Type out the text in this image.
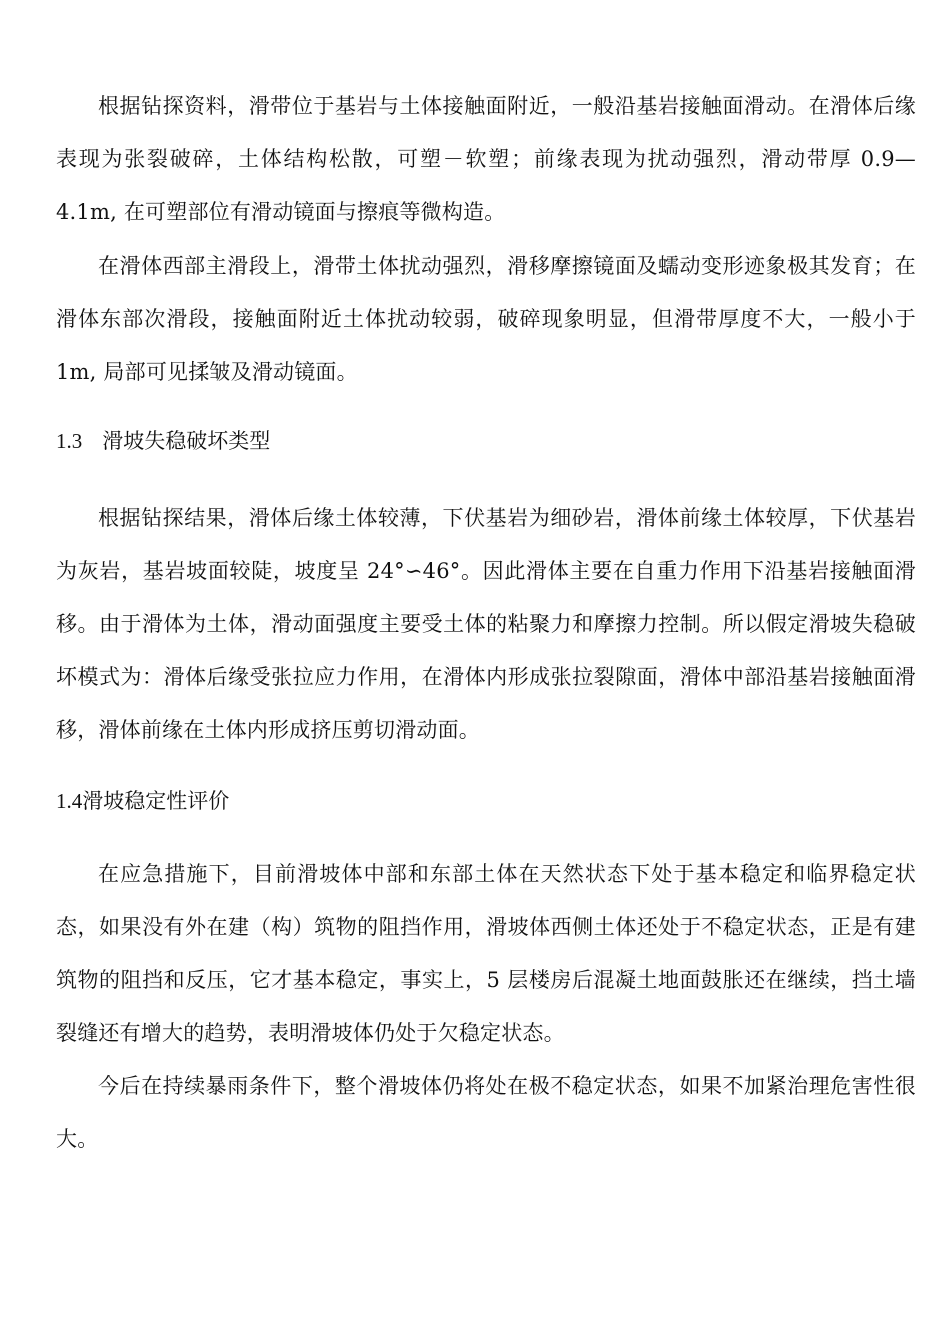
根据钻探资料，滑带位于基岩与土体接触面附近，一般沿基岩接触面滑动。在滑体后缘表现为张裂破碎，土体结构松散，可塑－软塑；前缘表现为扰动强烈，滑动带厚 0.9—4.1m, 在可塑部位有滑动镜面与擦痕等微构造。

在滑体西部主滑段上，滑带土体扰动强烈，滑移摩擦镜面及蠕动变形迹象极其发育；在滑体东部次滑段，接触面附近土体扰动较弱，破碎现象明显，但滑带厚度不大，一般小于 1m, 局部可见揉皱及滑动镜面。

1.3 滑坡失稳破坏类型

根据钻探结果，滑体后缘土体较薄，下伏基岩为细砂岩，滑体前缘土体较厚，下伏基岩为灰岩，基岩坡面较陡，坡度呈 24°∽46°。因此滑体主要在自重力作用下沿基岩接触面滑移。由于滑体为土体，滑动面强度主要受土体的粘聚力和摩擦力控制。所以假定滑坡失稳破坏模式为：滑体后缘受张拉应力作用，在滑体内形成张拉裂隙面，滑体中部沿基岩接触面滑移，滑体前缘在土体内形成挤压剪切滑动面。

1.4滑坡稳定性评价

在应急措施下，目前滑坡体中部和东部土体在天然状态下处于基本稳定和临界稳定状态，如果没有外在建（构）筑物的阻挡作用，滑坡体西侧土体还处于不稳定状态，正是有建筑物的阻挡和反压，它才基本稳定，事实上，5 层楼房后混凝土地面鼓胀还在继续，挡土墙裂缝还有增大的趋势，表明滑坡体仍处于欠稳定状态。

今后在持续暴雨条件下，整个滑坡体仍将处在极不稳定状态，如果不加紧治理危害性很大。
